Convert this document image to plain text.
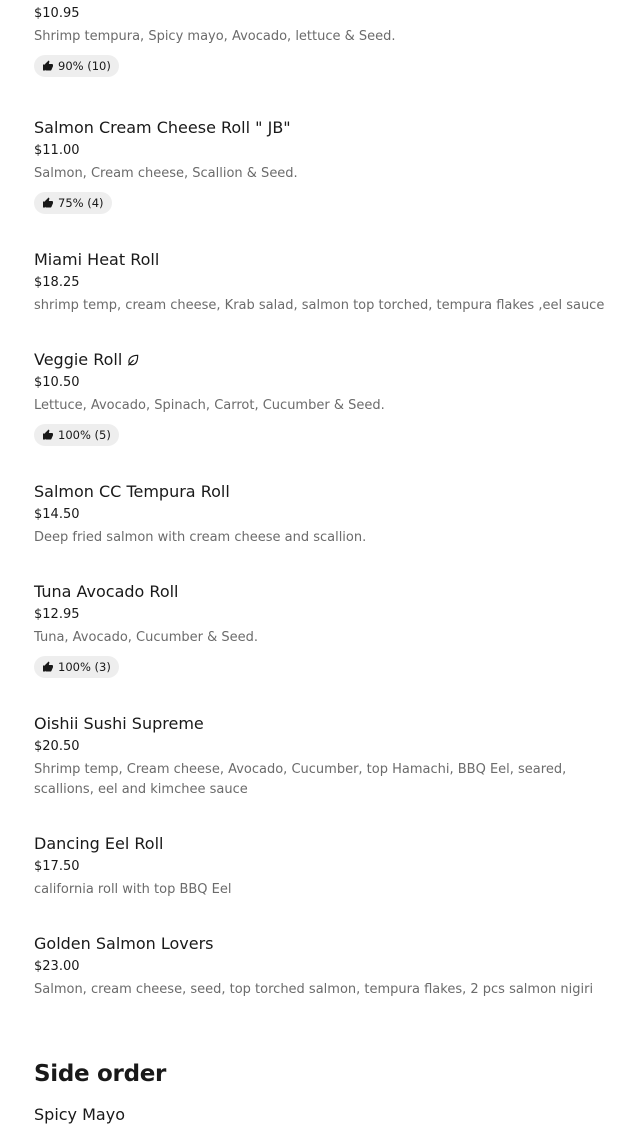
$10.95
Shrimp tempura, Spicy mayo, Avocado, lettuce & Seed.
90% (10)
Salmon Cream Cheese Roll " JB"
$11.00
Salmon, Cream cheese, Scallion & Seed.
75% (4)
Miami Heat Roll
$18.25
shrimp temp, cream cheese, Krab salad, salmon top torched, tempura flakes ,eel sauce
Veggie Roll
$10.50
Lettuce, Avocado, Spinach, Carrot, Cucumber & Seed.
100% (5)
Salmon CC Tempura Roll
$14.50
Deep fried salmon with cream cheese and scallion.
Tuna Avocado Roll
$12.95
Tuna, Avocado, Cucumber & Seed.
100% (3)
Oishii Sushi Supreme
$20.50
Shrimp temp, Cream cheese, Avocado, Cucumber, top Hamachi, BBQ Eel, seared, scallions, eel and kimchee sauce
Dancing Eel Roll
$17.50
california roll with top BBQ Eel
Golden Salmon Lovers
$23.00
Salmon, cream cheese, seed, top torched salmon, tempura flakes, 2 pcs salmon nigiri
Side order
Spicy Mayo
